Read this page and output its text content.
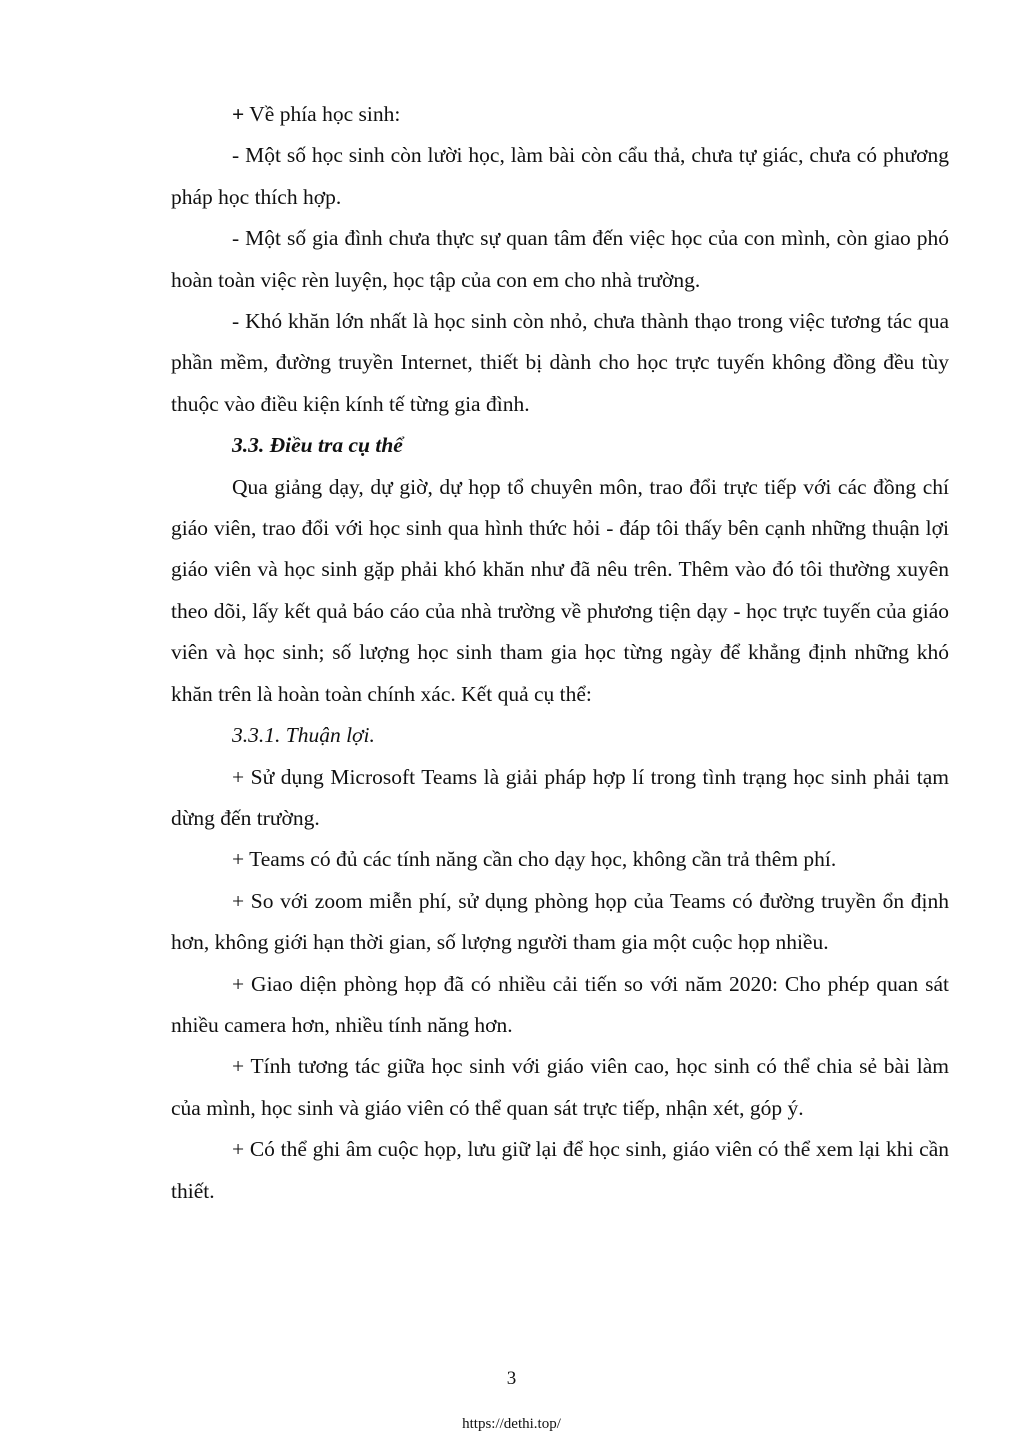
+ Về phía học sinh:

- Một số học sinh còn lười học, làm bài còn cẩu thả, chưa tự giác, chưa có phương pháp học thích hợp.

- Một số gia đình chưa thực sự quan tâm đến việc học của con mình, còn giao phó hoàn toàn việc rèn luyện, học tập của con em cho nhà trường.

- Khó khăn lớn nhất là học sinh còn nhỏ, chưa thành thạo trong việc tương tác qua phần mềm, đường truyền Internet, thiết bị dành cho học trực tuyến không đồng đều tùy thuộc vào điều kiện kính tế từng gia đình.

3.3. Điều tra cụ thể

Qua giảng dạy, dự giờ, dự họp tổ chuyên môn, trao đổi trực tiếp với các đồng chí giáo viên, trao đổi với học sinh qua hình thức hỏi - đáp tôi thấy bên cạnh những thuận lợi giáo viên và học sinh gặp phải khó khăn như đã nêu trên. Thêm vào đó tôi thường xuyên theo dõi, lấy kết quả báo cáo của nhà trường về phương tiện dạy - học trực tuyến của giáo viên và học sinh; số lượng học sinh tham gia học từng ngày để khẳng định những khó khăn trên là hoàn toàn chính xác. Kết quả cụ thể:

3.3.1. Thuận lợi.

+ Sử dụng Microsoft Teams là giải pháp hợp lí trong tình trạng học sinh phải tạm dừng đến trường.

+ Teams có đủ các tính năng cần cho dạy học, không cần trả thêm phí.

+ So với zoom miễn phí, sử dụng phòng họp của Teams có đường truyền ổn định hơn, không giới hạn thời gian, số lượng người tham gia một cuộc họp nhiều.

+ Giao diện phòng họp đã có nhiều cải tiến so với năm 2020: Cho phép quan sát nhiều camera hơn, nhiều tính năng hơn.

+ Tính tương tác giữa học sinh với giáo viên cao, học sinh có thể chia sẻ bài làm của mình, học sinh và giáo viên có thể quan sát trực tiếp, nhận xét, góp ý.

+ Có thể ghi âm cuộc họp, lưu giữ lại để học sinh, giáo viên có thể xem lại khi cần thiết.

3
https://dethi.top/
